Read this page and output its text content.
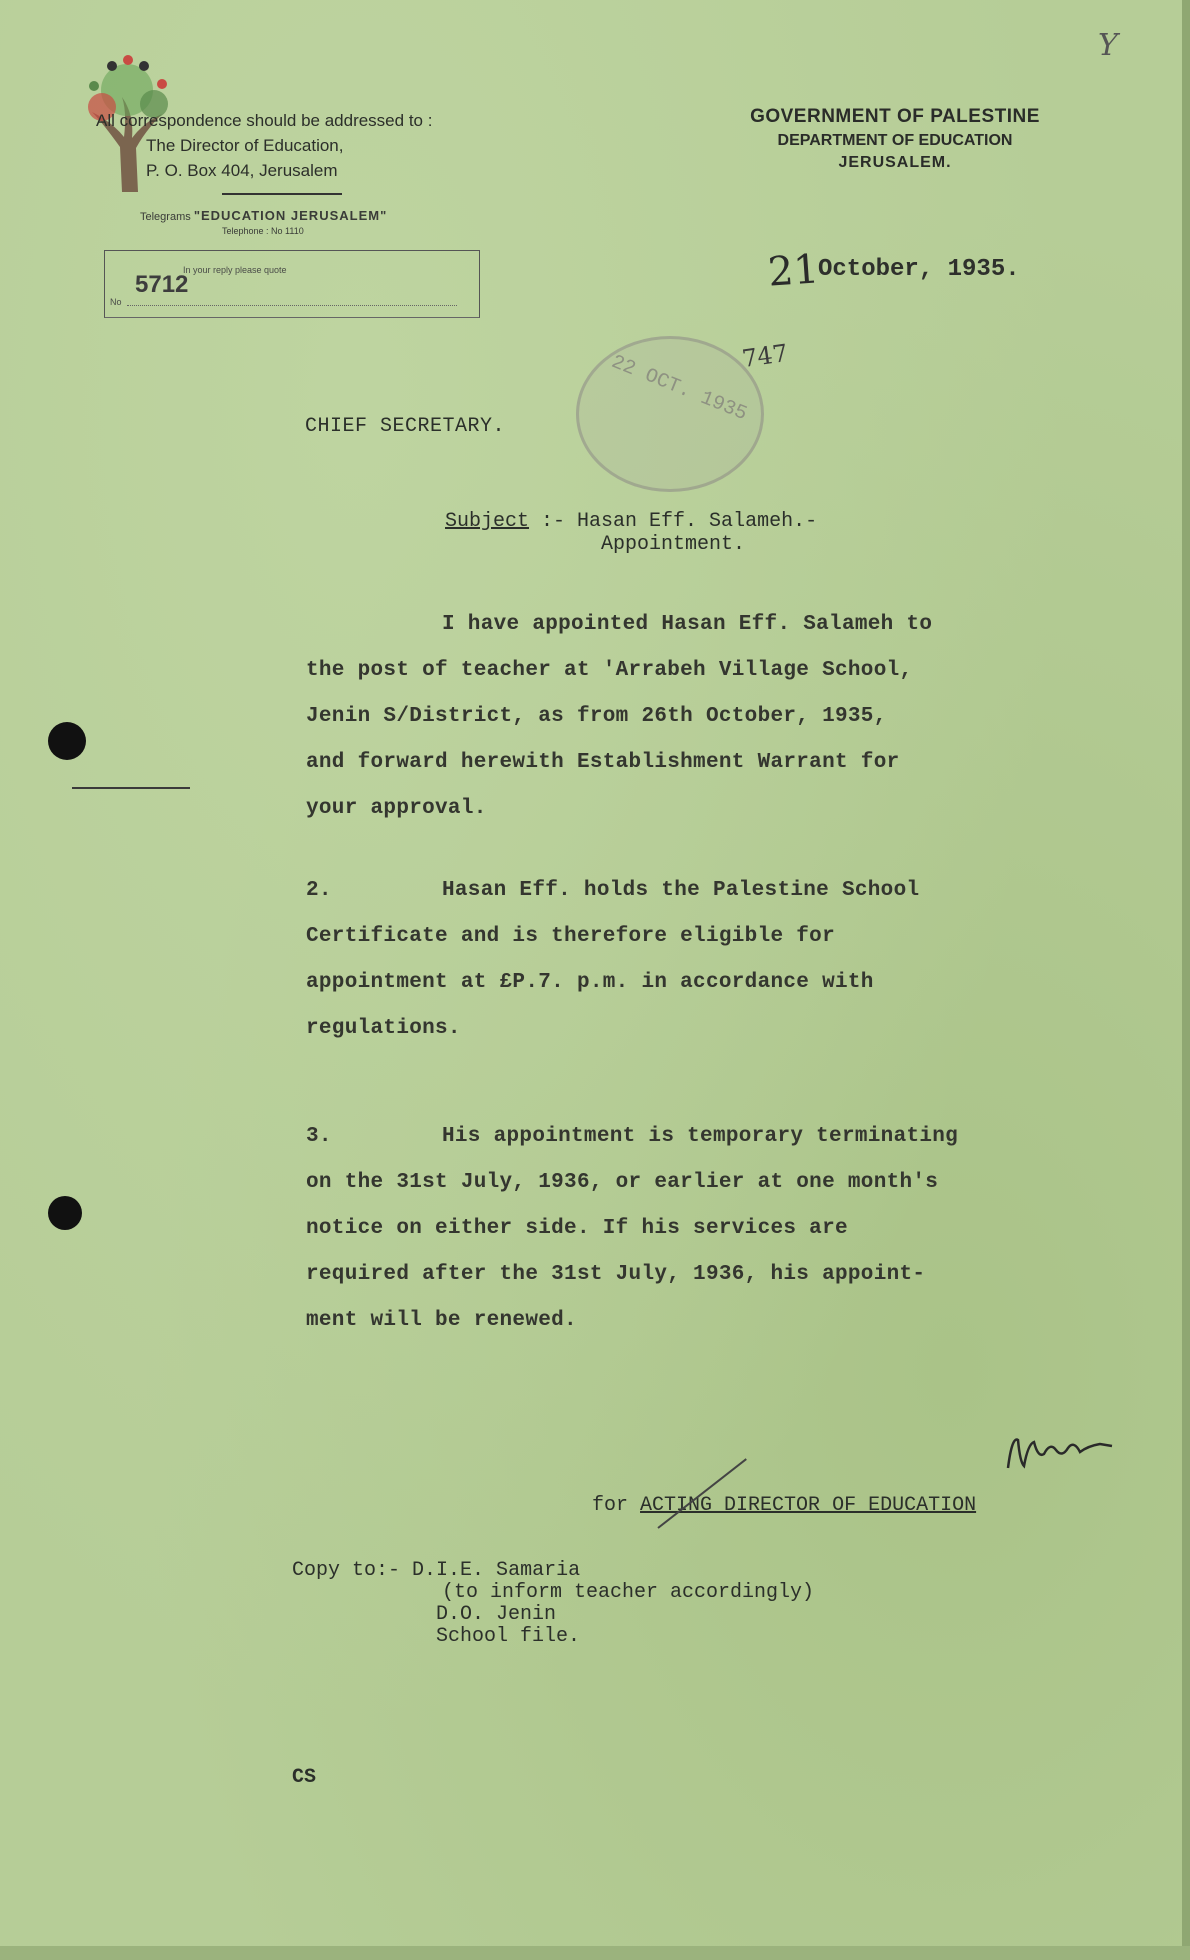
Y
All correspondence should be addressed to :
The Director of Education,
P. O. Box 404, Jerusalem
Telegrams "EDUCATION JERUSALEM"
Telephone : No 1110
In your reply please quote
5712
No
GOVERNMENT OF PALESTINE
DEPARTMENT OF EDUCATION
JERUSALEM.
21
October, 1935.
22 OCT. 1935
747
CHIEF SECRETARY.
Subject :- Hasan Eff. Salameh.-
Appointment.
I have appointed Hasan Eff. Salameh to
the post of teacher at 'Arrabeh Village School,
Jenin S/District, as from 26th October, 1935,
and forward herewith Establishment Warrant for
your approval.
2.	Hasan Eff. holds the Palestine School
Certificate and is therefore eligible for
appointment at £P.7. p.m. in accordance with
regulations.
3.	His appointment is temporary terminating
on the 31st July, 1936, or earlier at one month's
notice on either side. If his services are
required after the 31st July, 1936, his appoint-
ment will be renewed.
for ACTING DIRECTOR OF EDUCATION
Copy to:- D.I.E. Samaria
(to inform teacher accordingly)
D.O. Jenin
School file.
CS
